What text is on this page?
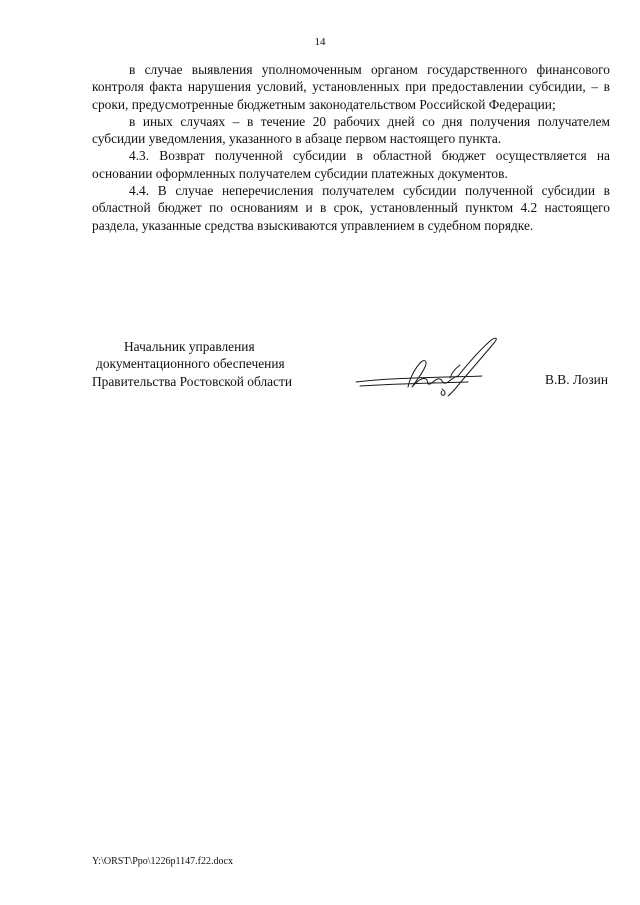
14

в случае выявления уполномоченным органом государственного финансового контроля факта нарушения условий, установленных при предоставлении субсидии, – в сроки, предусмотренные бюджетным законодательством Российской Федерации;

в иных случаях – в течение 20 рабочих дней со дня получения получателем субсидии уведомления, указанного в абзаце первом настоящего пункта.

4.3. Возврат полученной субсидии в областной бюджет осуществляется на основании оформленных получателем субсидии платежных документов.

4.4. В случае неперечисления получателем субсидии полученной субсидии в областной бюджет по основаниям и в срок, установленный пунктом 4.2 настоящего раздела, указанные средства взыскиваются управлением в судебном порядке.

Начальник управления
документационного обеспечения
Правительства Ростовской области	В.В. Лозин
Y:\ORST\Ppo\1226p1147.f22.docx
